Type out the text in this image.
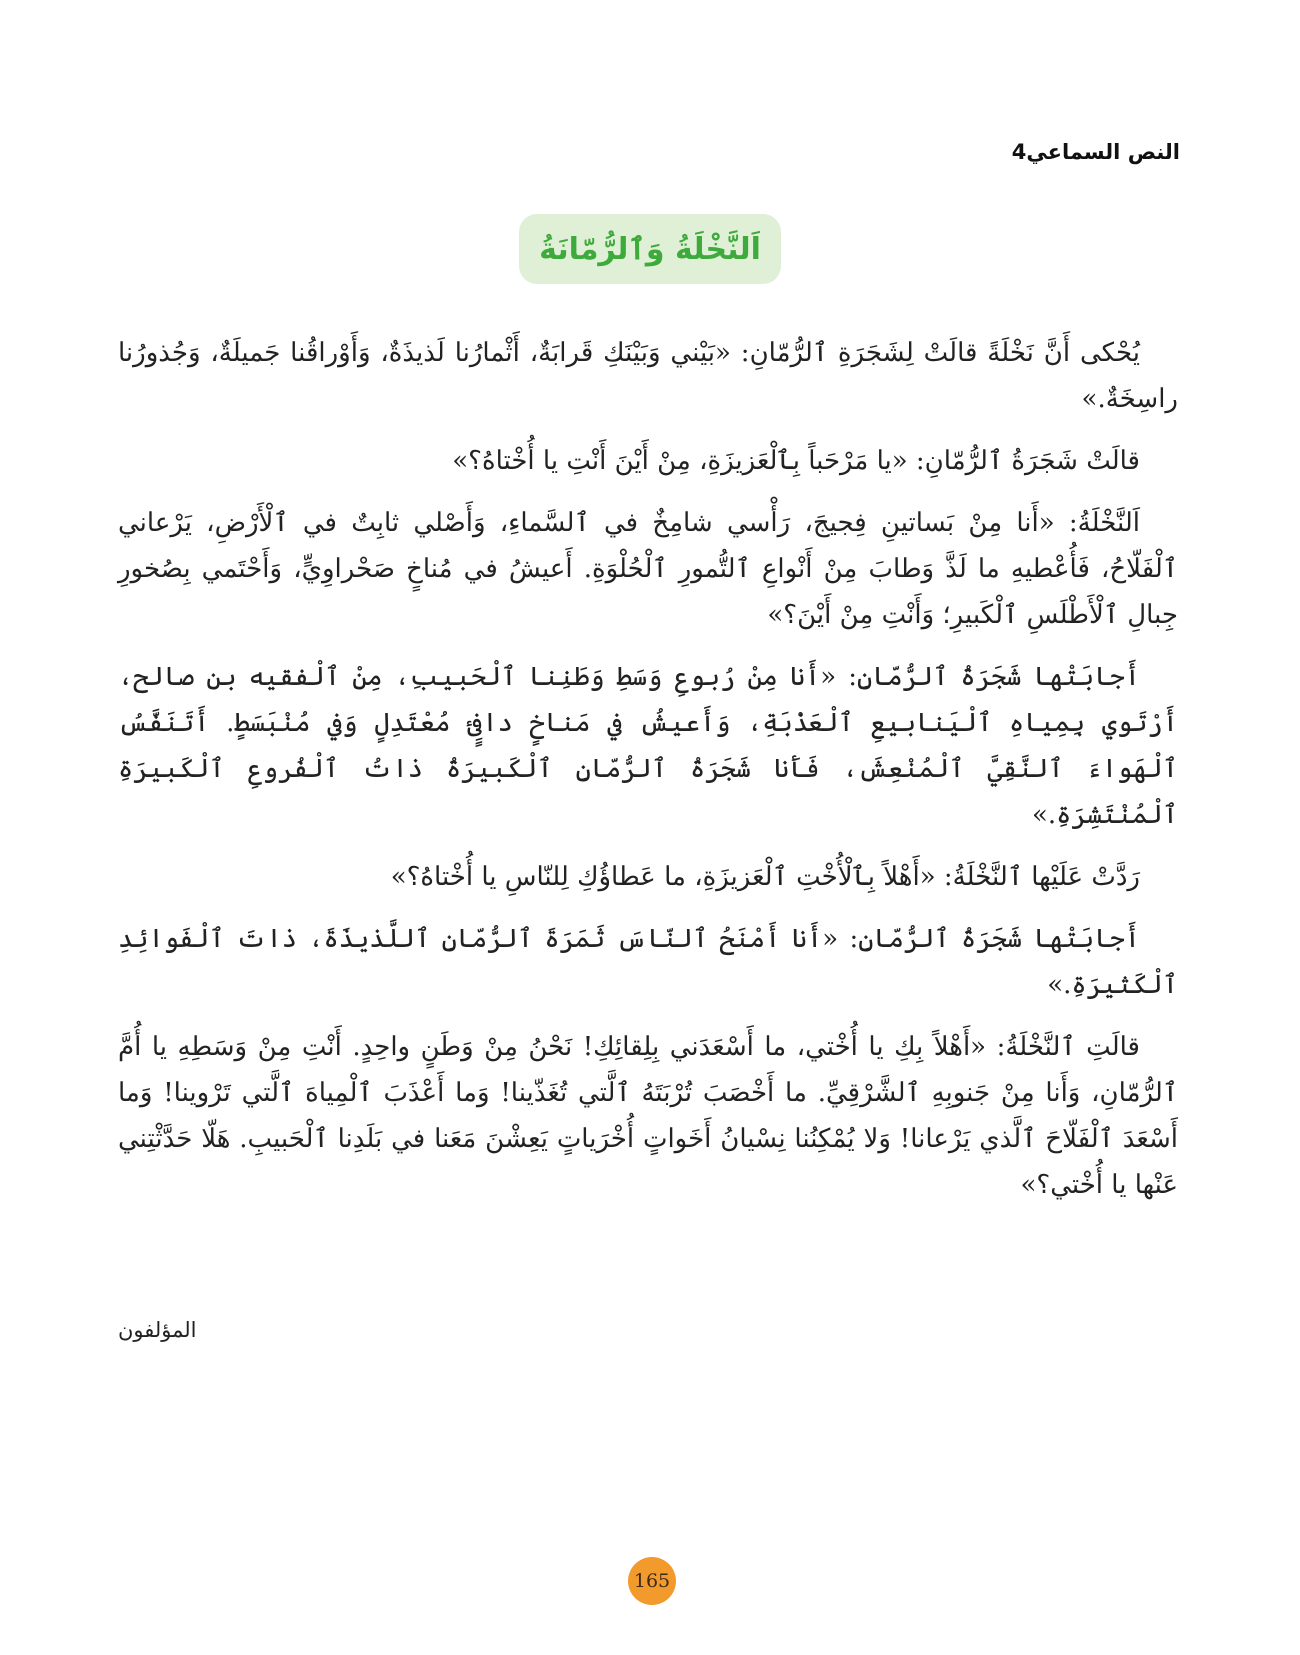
النص السماعي4
اَلنَّخْلَةُ وَٱلرُّمّانَةُ

يُحْكى أَنَّ نَخْلَةً قالَتْ لِشَجَرَةِ ٱلرُّمّانِ: «بَيْني وَبَيْنَكِ قَرابَةٌ، أَثْمارُنا لَذيذَةٌ، وَأَوْراقُنا جَميلَةٌ، وَجُذورُنا راسِخَةٌ.»

قالَتْ شَجَرَةُ ٱلرُّمّانِ: «يا مَرْحَباً بِٱلْعَزيزَةِ، مِنْ أَيْنَ أَنْتِ يا أُخْتاهُ؟»

اَلنَّخْلَةُ: «أَنا مِنْ بَساتينِ فِجيجَ، رَأْسي شامِخٌ في ٱلسَّماءِ، وَأَصْلي ثابِتٌ في ٱلْأَرْضِ، يَرْعاني ٱلْفَلّاحُ، فَأُعْطيهِ ما لَذَّ وَطابَ مِنْ أَنْواعِ ٱلتُّمورِ ٱلْحُلْوَةِ. أَعيشُ في مُناخٍ صَحْراوِيٍّ، وَأَحْتَمي بِصُخورِ جِبالِ ٱلْأَطْلَسِ ٱلْكَبيرِ؛ وَأَنْتِ مِنْ أَيْنَ؟»

أَجابَتْها شَجَرَةُ ٱلرُّمّانِ: «أَنا مِنْ رُبوعِ وَسَطِ وَطَنِنا ٱلْحَبيبِ، مِنْ ٱلْفقيه بن صالح، أَرْتَوي بِمِياهِ ٱلْيَنابيعِ ٱلْعَذْبَةِ، وَأَعيشُ في مَناخٍ دافِئٍ مُعْتَدِلٍ وَفي مُنْبَسَطٍ. أَتَنَفَّسُ ٱلْهَواءَ ٱلنَّقِيَّ ٱلْمُنْعِشَ، فَأَنا شَجَرَةُ ٱلرُّمّانِ ٱلْكَبيرَةُ ذاتُ ٱلْفُروعِ ٱلْكَبيرَةِ ٱلْمُنْتَشِرَةِ.»

رَدَّتْ عَلَيْها ٱلنَّخْلَةُ: «أَهْلاً بِٱلْأُخْتِ ٱلْعَزيزَةِ، ما عَطاؤُكِ لِلنّاسِ يا أُخْتاهُ؟»

أَجابَتْها شَجَرَةُ ٱلرُّمّانِ: «أَنا أَمْنَحُ ٱلنّاسَ ثَمَرَةَ ٱلرُّمّانِ ٱللَّذيذَةَ، ذاتَ ٱلْفَوائِدِ ٱلْكَثيرَةِ.»

قالَتِ ٱلنَّخْلَةُ: «أَهْلاً بِكِ يا أُخْتي، ما أَسْعَدَني بِلِقائِكِ! نَحْنُ مِنْ وَطَنٍ واحِدٍ. أَنْتِ مِنْ وَسَطِهِ يا أُمَّ ٱلرُّمّانِ، وَأَنا مِنْ جَنوبِهِ ٱلشَّرْقِيِّ. ما أَخْصَبَ تُرْبَتَهُ ٱلَّتي تُغَذّينا! وَما أَعْذَبَ ٱلْمِياهَ ٱلَّتي تَرْوينا! وَما أَسْعَدَ ٱلْفَلّاحَ ٱلَّذي يَرْعانا! وَلا يُمْكِنُنا نِسْيانُ أَخَواتٍ أُخْرَياتٍ يَعِشْنَ مَعَنا في بَلَدِنا ٱلْحَبيبِ. هَلّا حَدَّثْتِني عَنْها يا أُخْتي؟»

المؤلفون
165
